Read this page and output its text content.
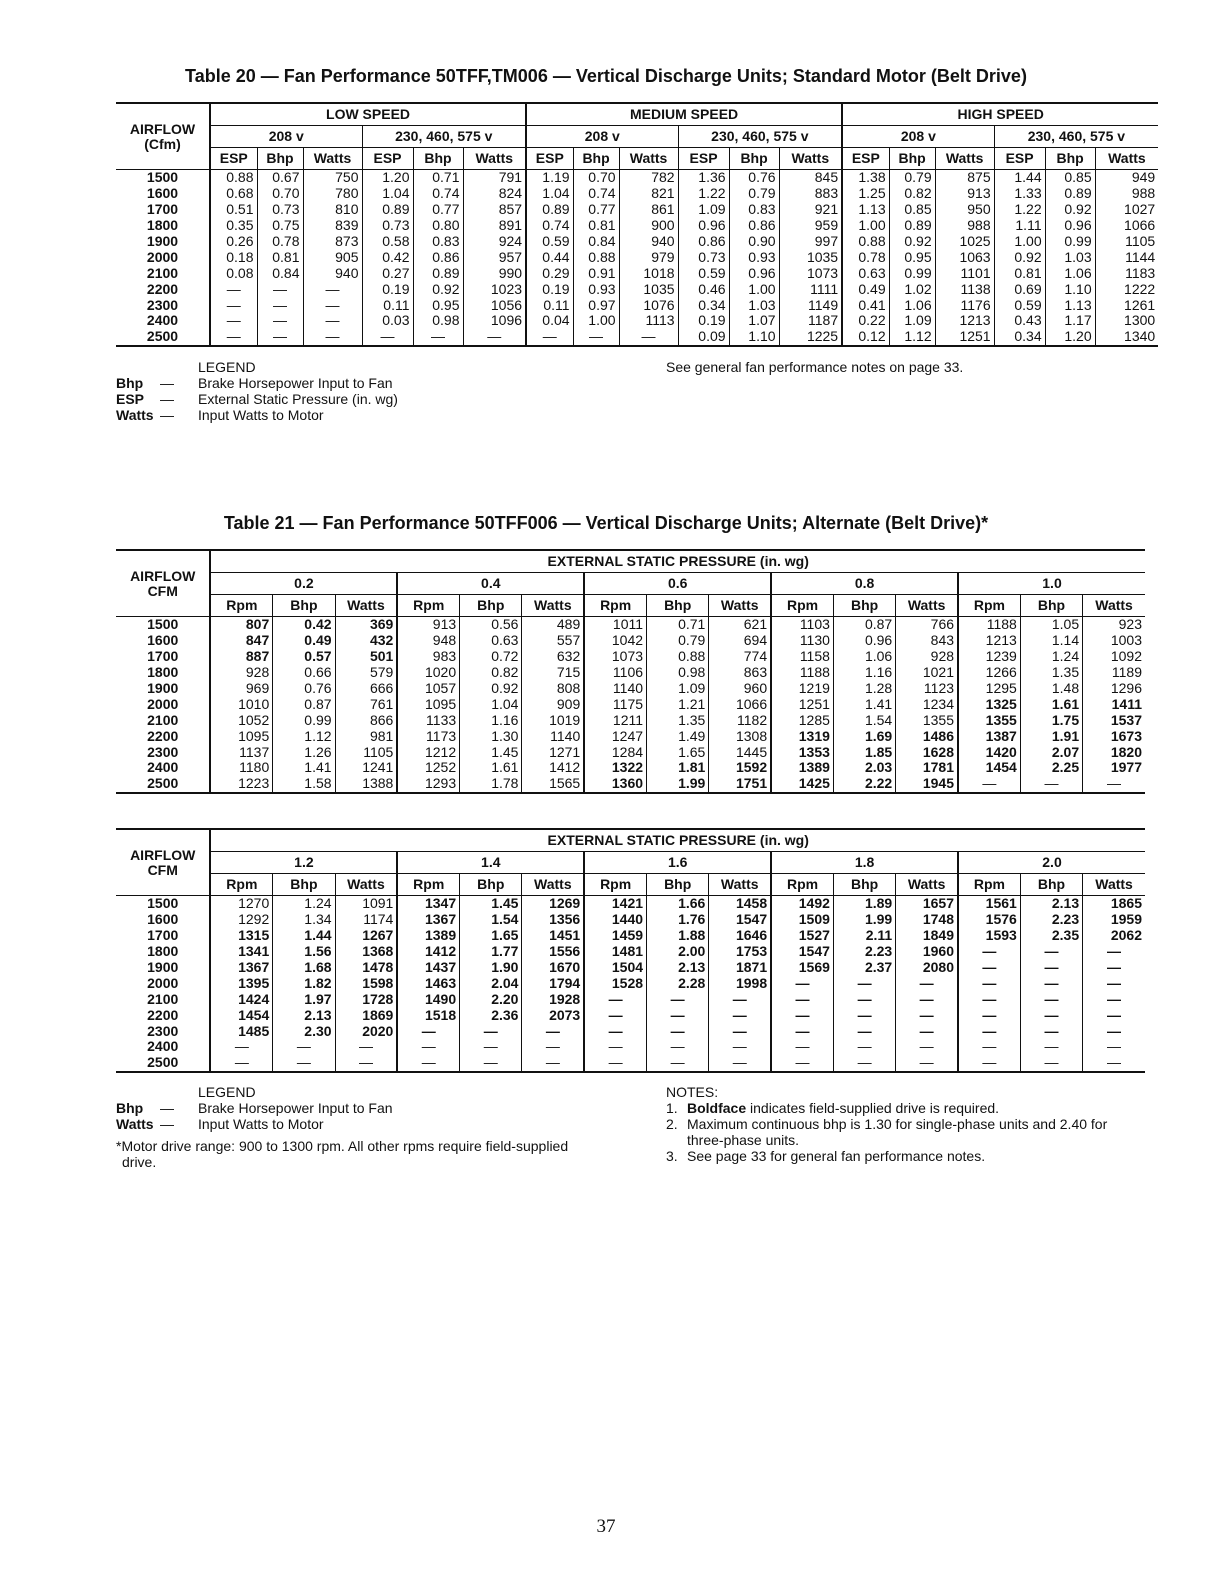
Table 20 — Fan Performance 50TFF,TM006 — Vertical Discharge Units; Standard Motor (Belt Drive)
AIRFLOW
(Cfm)	LOW SPEED						MEDIUM SPEED						HIGH SPEED					
	208 v			230, 460, 575 v			208 v			230, 460, 575 v			208 v			230, 460, 575 v		
	ESP	Bhp	Watts	ESP	Bhp	Watts	ESP	Bhp	Watts	ESP	Bhp	Watts	ESP	Bhp	Watts	ESP	Bhp	Watts
1500	0.88	0.67	750	1.20	0.71	791	1.19	0.70	782	1.36	0.76	845	1.38	0.79	875	1.44	0.85	949
1600	0.68	0.70	780	1.04	0.74	824	1.04	0.74	821	1.22	0.79	883	1.25	0.82	913	1.33	0.89	988
1700	0.51	0.73	810	0.89	0.77	857	0.89	0.77	861	1.09	0.83	921	1.13	0.85	950	1.22	0.92	1027
1800	0.35	0.75	839	0.73	0.80	891	0.74	0.81	900	0.96	0.86	959	1.00	0.89	988	1.11	0.96	1066
1900	0.26	0.78	873	0.58	0.83	924	0.59	0.84	940	0.86	0.90	997	0.88	0.92	1025	1.00	0.99	1105
2000	0.18	0.81	905	0.42	0.86	957	0.44	0.88	979	0.73	0.93	1035	0.78	0.95	1063	0.92	1.03	1144
2100	0.08	0.84	940	0.27	0.89	990	0.29	0.91	1018	0.59	0.96	1073	0.63	0.99	1101	0.81	1.06	1183
2200	—	—	—	0.19	0.92	1023	0.19	0.93	1035	0.46	1.00	1111	0.49	1.02	1138	0.69	1.10	1222
2300	—	—	—	0.11	0.95	1056	0.11	0.97	1076	0.34	1.03	1149	0.41	1.06	1176	0.59	1.13	1261
2400	—	—	—	0.03	0.98	1096	0.04	1.00	1113	0.19	1.07	1187	0.22	1.09	1213	0.43	1.17	1300
2500	—	—	—	—	—	—	—	—	—	0.09	1.10	1225	0.12	1.12	1251	0.34	1.20	1340
LEGEND
Bhp	—	Brake Horsepower Input to Fan
ESP	—	External Static Pressure (in. wg)
Watts —	Input Watts to Motor
See general fan performance notes on page 33.
Table 21 — Fan Performance 50TFF006 — Vertical Discharge Units; Alternate (Belt Drive)*
AIRFLOW
CFM	EXTERNAL STATIC PRESSURE (in. wg)														
	0.2			0.4			0.6			0.8			1.0		
	Rpm	Bhp	Watts	Rpm	Bhp	Watts	Rpm	Bhp	Watts	Rpm	Bhp	Watts	Rpm	Bhp	Watts
1500	807	0.42	369	913	0.56	489	1011	0.71	621	1103	0.87	766	1188	1.05	923
1600	847	0.49	432	948	0.63	557	1042	0.79	694	1130	0.96	843	1213	1.14	1003
1700	887	0.57	501	983	0.72	632	1073	0.88	774	1158	1.06	928	1239	1.24	1092
1800	928	0.66	579	1020	0.82	715	1106	0.98	863	1188	1.16	1021	1266	1.35	1189
1900	969	0.76	666	1057	0.92	808	1140	1.09	960	1219	1.28	1123	1295	1.48	1296
2000	1010	0.87	761	1095	1.04	909	1175	1.21	1066	1251	1.41	1234	1325	1.61	1411
2100	1052	0.99	866	1133	1.16	1019	1211	1.35	1182	1285	1.54	1355	1355	1.75	1537
2200	1095	1.12	981	1173	1.30	1140	1247	1.49	1308	1319	1.69	1486	1387	1.91	1673
2300	1137	1.26	1105	1212	1.45	1271	1284	1.65	1445	1353	1.85	1628	1420	2.07	1820
2400	1180	1.41	1241	1252	1.61	1412	1322	1.81	1592	1389	2.03	1781	1454	2.25	1977
2500	1223	1.58	1388	1293	1.78	1565	1360	1.99	1751	1425	2.22	1945	—	—	—
AIRFLOW
CFM	EXTERNAL STATIC PRESSURE (in. wg)														
	1.2			1.4			1.6			1.8			2.0		
	Rpm	Bhp	Watts	Rpm	Bhp	Watts	Rpm	Bhp	Watts	Rpm	Bhp	Watts	Rpm	Bhp	Watts
1500	1270	1.24	1091	1347	1.45	1269	1421	1.66	1458	1492	1.89	1657	1561	2.13	1865
1600	1292	1.34	1174	1367	1.54	1356	1440	1.76	1547	1509	1.99	1748	1576	2.23	1959
1700	1315	1.44	1267	1389	1.65	1451	1459	1.88	1646	1527	2.11	1849	1593	2.35	2062
1800	1341	1.56	1368	1412	1.77	1556	1481	2.00	1753	1547	2.23	1960	—	—	—
1900	1367	1.68	1478	1437	1.90	1670	1504	2.13	1871	1569	2.37	2080	—	—	—
2000	1395	1.82	1598	1463	2.04	1794	1528	2.28	1998	—	—	—	—	—	—
2100	1424	1.97	1728	1490	2.20	1928	—	—	—	—	—	—	—	—	—
2200	1454	2.13	1869	1518	2.36	2073	—	—	—	—	—	—	—	—	—
2300	1485	2.30	2020	—	—	—	—	—	—	—	—	—	—	—	—
2400	—	—	—	—	—	—	—	—	—	—	—	—	—	—	—
2500	—	—	—	—	—	—	—	—	—	—	—	—	—	—	—
LEGEND
Bhp	—	Brake Horsepower Input to Fan
Watts —	Input Watts to Motor
*Motor drive range: 900 to 1300 rpm. All other rpms require field-supplied drive.
NOTES:
1. Boldface indicates field-supplied drive is required.
2. Maximum continuous bhp is 1.30 for single-phase units and 2.40 for three-phase units.
3. See page 33 for general fan performance notes.
37
